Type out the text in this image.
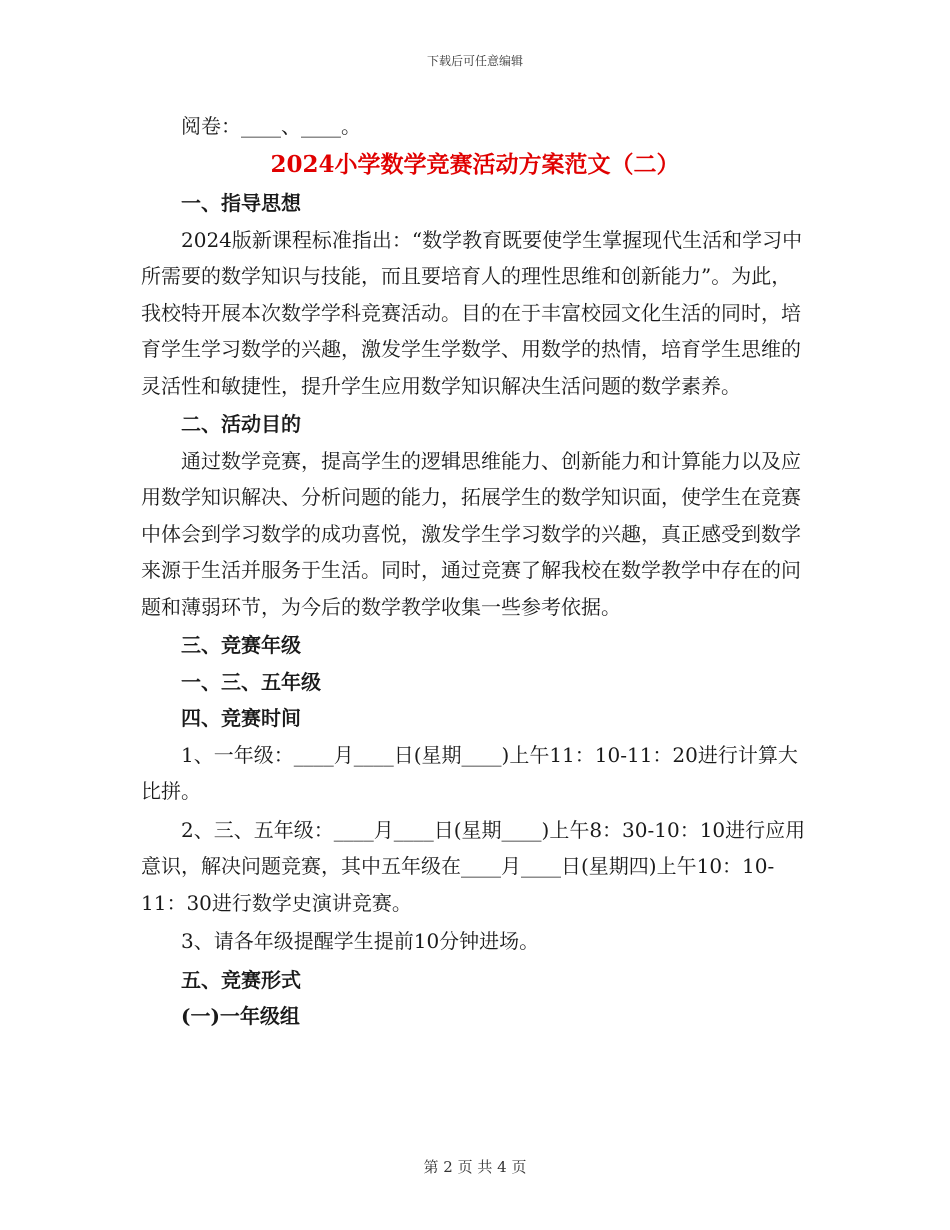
下载后可任意编辑

阅卷：____、____。

2024小学数学竞赛活动方案范文（二）

一、指导思想

2024版新课程标准指出：“数学教育既要使学生掌握现代生活和学习中所需要的数学知识与技能，而且要培育人的理性思维和创新能力”。为此，我校特开展本次数学学科竞赛活动。目的在于丰富校园文化生活的同时，培育学生学习数学的兴趣，激发学生学数学、用数学的热情，培育学生思维的灵活性和敏捷性，提升学生应用数学知识解决生活问题的数学素养。

二、活动目的

通过数学竞赛，提高学生的逻辑思维能力、创新能力和计算能力以及应用数学知识解决、分析问题的能力，拓展学生的数学知识面，使学生在竞赛中体会到学习数学的成功喜悦，激发学生学习数学的兴趣，真正感受到数学来源于生活并服务于生活。同时，通过竞赛了解我校在数学教学中存在的问题和薄弱环节，为今后的数学教学收集一些参考依据。

三、竞赛年级

一、三、五年级

四、竞赛时间

1、一年级：____月____日(星期____)上午11：10-11：20进行计算大比拼。

2、三、五年级：____月____日(星期____)上午8：30-10：10进行应用意识，解决问题竞赛，其中五年级在____月____日(星期四)上午10：10-11：30进行数学史演讲竞赛。

3、请各年级提醒学生提前10分钟进场。

五、竞赛形式

(一)一年级组

第 2 页 共 4 页
